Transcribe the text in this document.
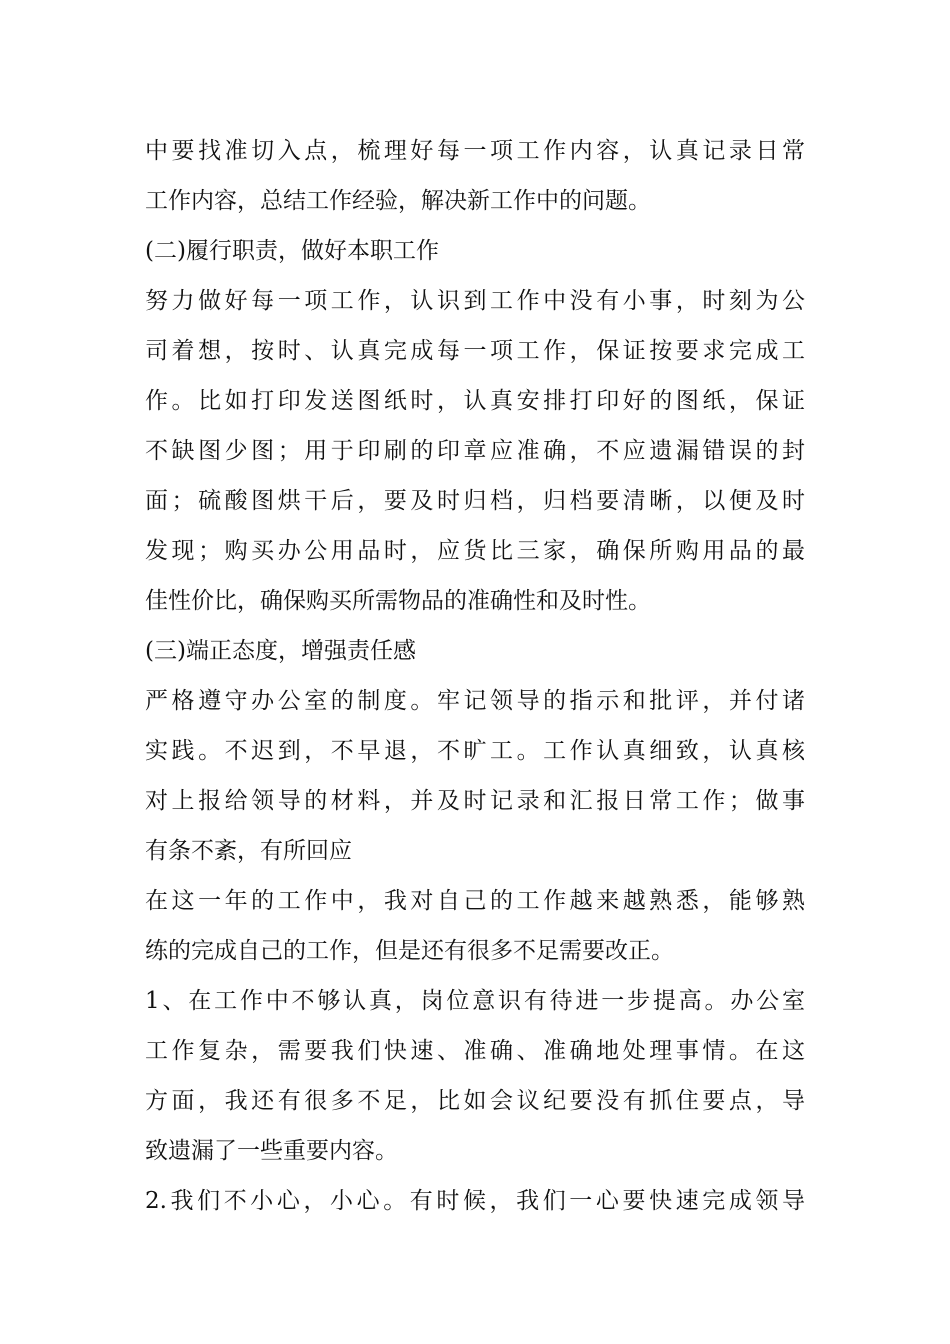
中要找准切入点，梳理好每一项工作内容，认真记录日常
工作内容，总结工作经验，解决新工作中的问题。
(二)履行职责，做好本职工作
努力做好每一项工作，认识到工作中没有小事，时刻为公
司着想，按时、认真完成每一项工作，保证按要求完成工
作。比如打印发送图纸时，认真安排打印好的图纸，保证
不缺图少图；用于印刷的印章应准确，不应遗漏错误的封
面；硫酸图烘干后，要及时归档，归档要清晰，以便及时
发现；购买办公用品时，应货比三家，确保所购用品的最
佳性价比，确保购买所需物品的准确性和及时性。
(三)端正态度，增强责任感
严格遵守办公室的制度。牢记领导的指示和批评，并付诸
实践。不迟到，不早退，不旷工。工作认真细致，认真核
对上报给领导的材料，并及时记录和汇报日常工作；做事
有条不紊，有所回应
在这一年的工作中，我对自己的工作越来越熟悉，能够熟
练的完成自己的工作，但是还有很多不足需要改正。
1、在工作中不够认真，岗位意识有待进一步提高。办公室
工作复杂，需要我们快速、准确、准确地处理事情。在这
方面，我还有很多不足，比如会议纪要没有抓住要点，导
致遗漏了一些重要内容。
2.我们不小心，小心。有时候，我们一心要快速完成领导
